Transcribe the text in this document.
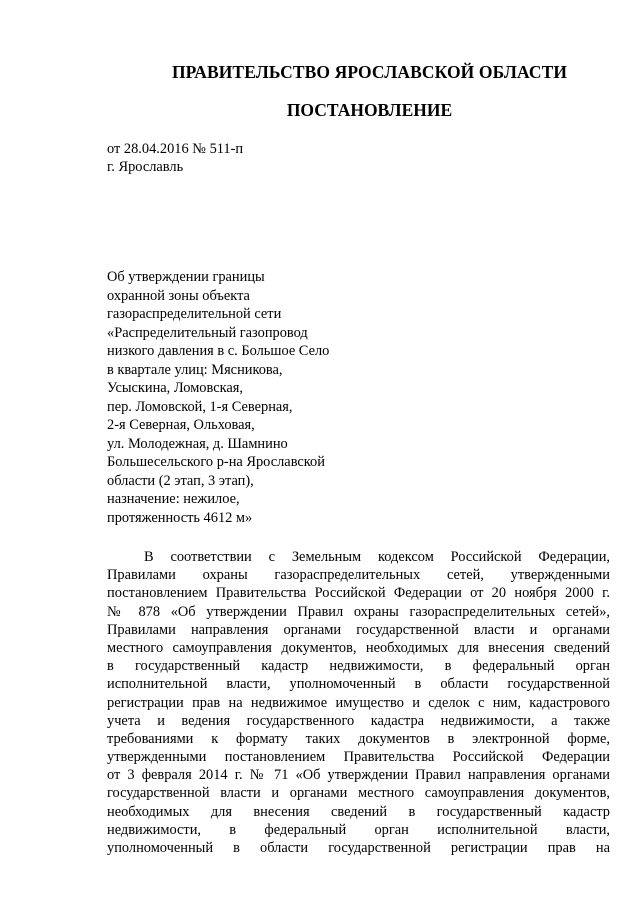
ПРАВИТЕЛЬСТВО ЯРОСЛАВСКОЙ ОБЛАСТИ
ПОСТАНОВЛЕНИЕ
от 28.04.2016 № 511-п
г. Ярославль
Об утверждении границы
охранной зоны объекта
газораспределительной сети
«Распределительный газопровод
низкого давления в с. Большое Село
в квартале улиц: Мясникова,
Усыскина, Ломовская,
пер. Ломовской, 1-я Северная,
2-я Северная, Ольховая,
ул. Молодежная, д. Шамнино
Большесельского р-на Ярославской
области (2 этап, 3 этап),
назначение: нежилое,
протяженность 4612 м»
В соответствии с Земельным кодексом Российской Федерации,
Правилами охраны газораспределительных сетей, утвержденными
постановлением Правительства Российской Федерации от 20 ноября 2000 г.
№ 878 «Об утверждении Правил охраны газораспределительных сетей»,
Правилами направления органами государственной власти и органами
местного самоуправления документов, необходимых для внесения сведений
в государственный кадастр недвижимости, в федеральный орган
исполнительной власти, уполномоченный в области государственной
регистрации прав на недвижимое имущество и сделок с ним, кадастрового
учета и ведения государственного кадастра недвижимости, а также
требованиями к формату таких документов в электронной форме,
утвержденными постановлением Правительства Российской Федерации
от 3 февраля 2014 г. № 71 «Об утверждении Правил направления органами
государственной власти и органами местного самоуправления документов,
необходимых для внесения сведений в государственный кадастр
недвижимости, в федеральный орган исполнительной власти,
уполномоченный в области государственной регистрации прав на
